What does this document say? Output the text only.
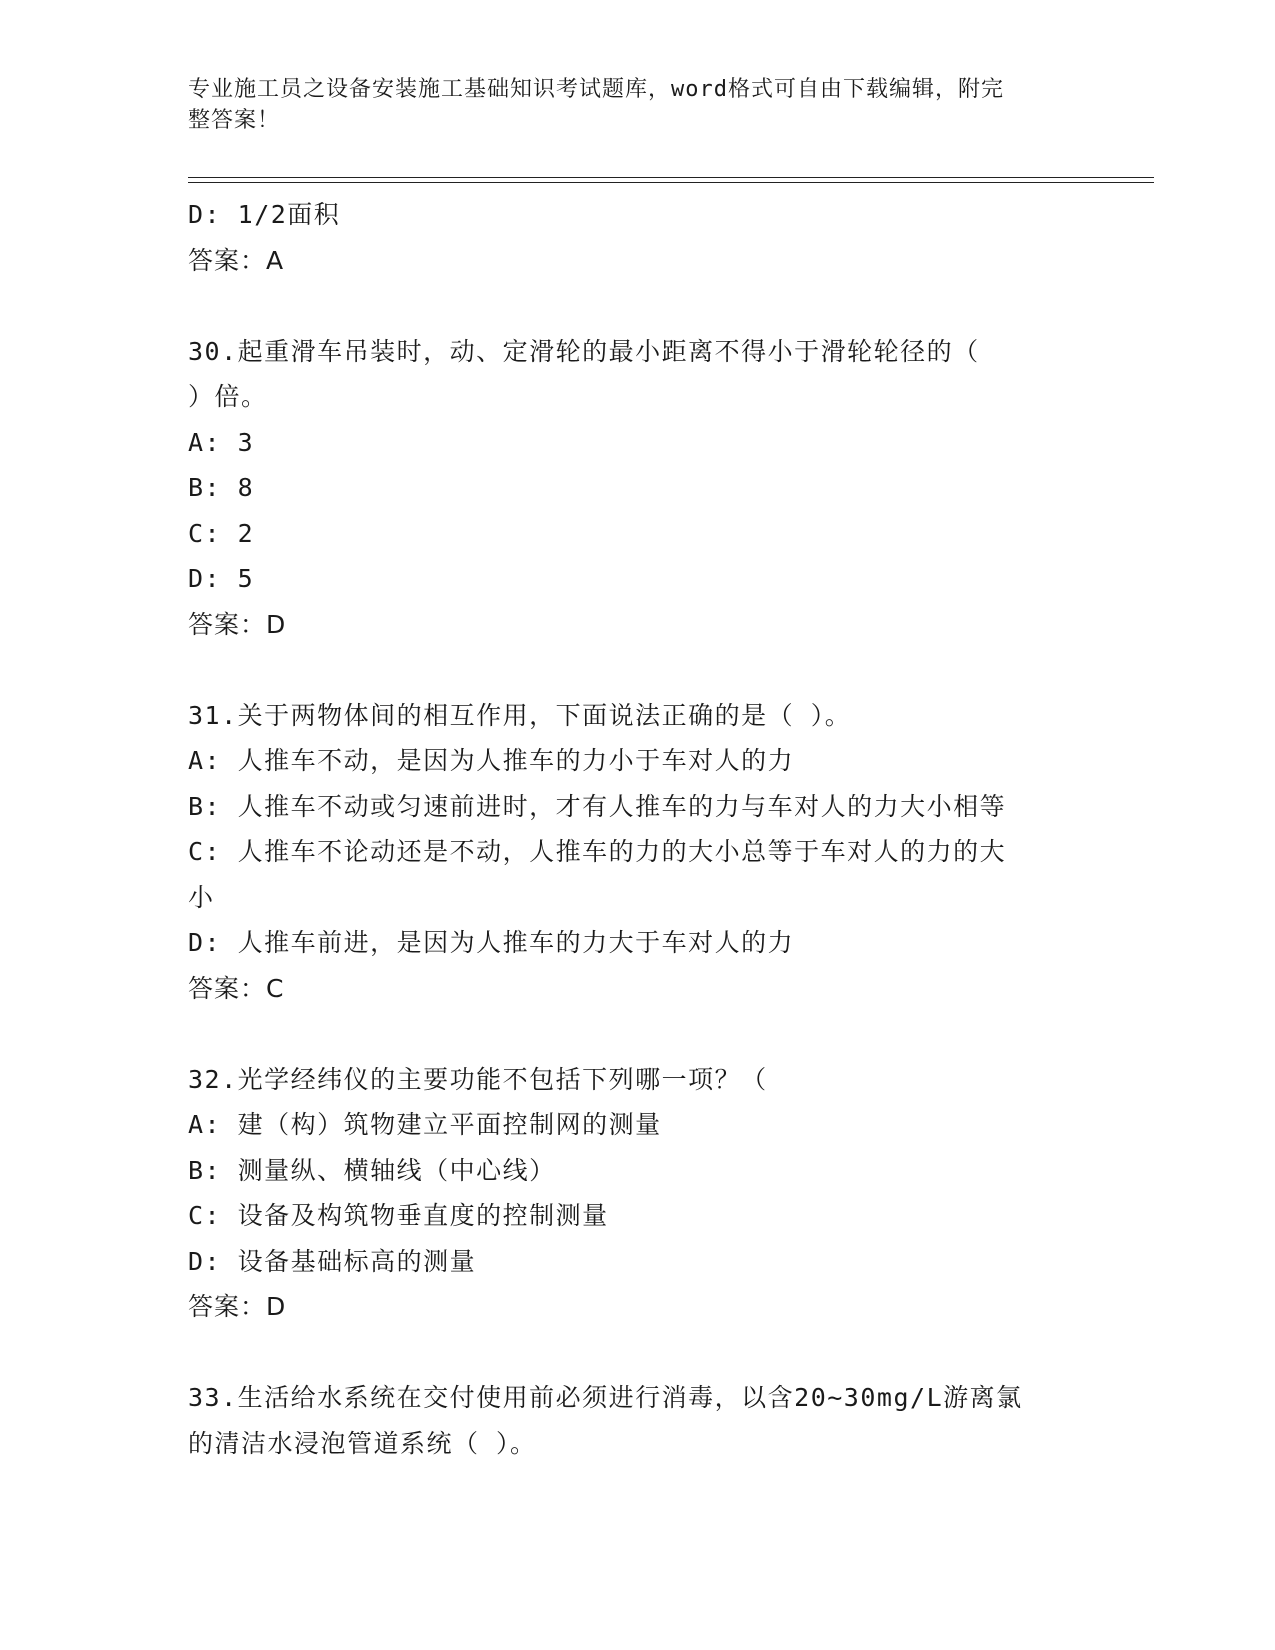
专业施工员之设备安装施工基础知识考试题库，word格式可自由下载编辑，附完
整答案！
D: 1/2面积
答案：A
30.起重滑车吊装时，动、定滑轮的最小距离不得小于滑轮轮径的（
）倍。
A: 3
B: 8
C: 2
D: 5
答案：D
31.关于两物体间的相互作用，下面说法正确的是（ ）。
A: 人推车不动，是因为人推车的力小于车对人的力
B: 人推车不动或匀速前进时，才有人推车的力与车对人的力大小相等
C: 人推车不论动还是不动，人推车的力的大小总等于车对人的力的大
小
D: 人推车前进，是因为人推车的力大于车对人的力
答案：C
32.光学经纬仪的主要功能不包括下列哪一项？（
A: 建（构）筑物建立平面控制网的测量
B: 测量纵、横轴线（中心线）
C: 设备及构筑物垂直度的控制测量
D: 设备基础标高的测量
答案：D
33.生活给水系统在交付使用前必须进行消毒，以含20~30mg/L游离氯
的清洁水浸泡管道系统（ ）。
